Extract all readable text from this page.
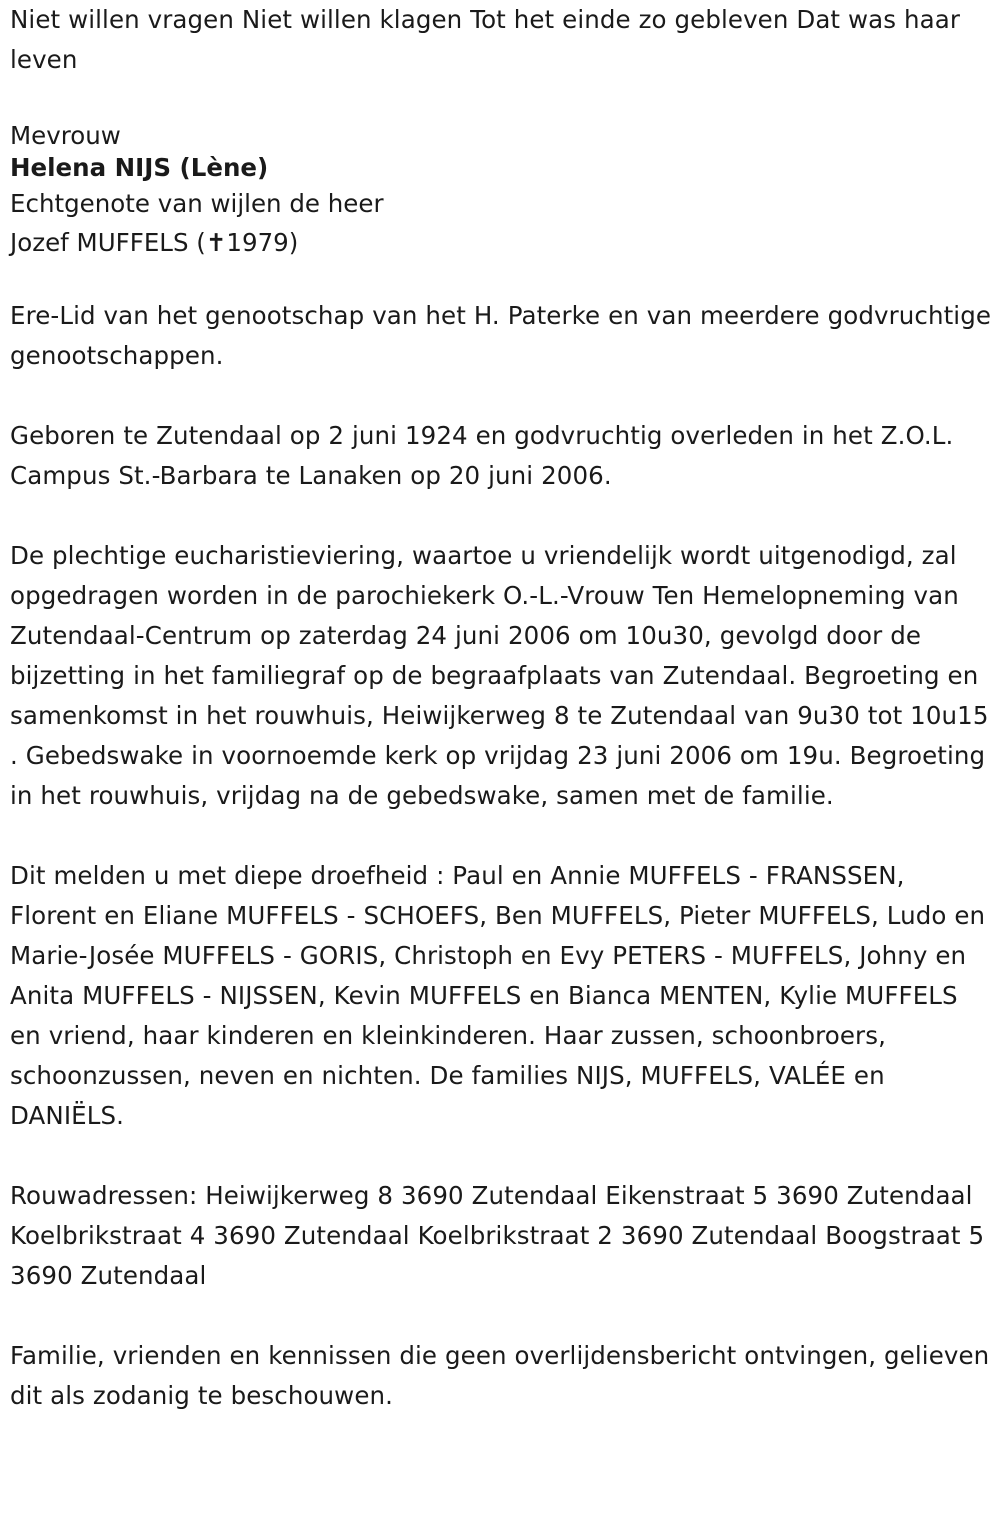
Niet willen vragen Niet willen klagen Tot het einde zo gebleven Dat was haar leven

Mevrouw

Helena NIJS (Lène)

Echtgenote van wijlen de heer

Jozef MUFFELS (✝1979)

Ere-Lid van het genootschap van het H. Paterke en van meerdere godvruchtige genootschappen.

Geboren te Zutendaal op 2 juni 1924 en godvruchtig overleden in het Z.O.L. Campus St.-Barbara te Lanaken op 20 juni 2006.

De plechtige eucharistieviering, waartoe u vriendelijk wordt uitgenodigd, zal opgedragen worden in de parochiekerk O.-L.-Vrouw Ten Hemelopneming van Zutendaal-Centrum op zaterdag 24 juni 2006 om 10u30, gevolgd door de bijzetting in het familiegraf op de begraafplaats van Zutendaal. Begroeting en samenkomst in het rouwhuis, Heiwijkerweg 8 te Zutendaal van 9u30 tot 10u15 . Gebedswake in voornoemde kerk op vrijdag 23 juni 2006 om 19u. Begroeting in het rouwhuis, vrijdag na de gebedswake, samen met de familie.

Dit melden u met diepe droefheid : Paul en Annie MUFFELS - FRANSSEN, Florent en Eliane MUFFELS - SCHOEFS, Ben MUFFELS, Pieter MUFFELS, Ludo en Marie-Josée MUFFELS - GORIS, Christoph en Evy PETERS - MUFFELS, Johny en Anita MUFFELS - NIJSSEN, Kevin MUFFELS en Bianca MENTEN, Kylie MUFFELS en vriend, haar kinderen en kleinkinderen. Haar zussen, schoonbroers, schoonzussen, neven en nichten. De families NIJS, MUFFELS, VALÉE en DANIËLS.

Rouwadressen: Heiwijkerweg 8 3690 Zutendaal Eikenstraat 5 3690 Zutendaal Koelbrikstraat 4 3690 Zutendaal Koelbrikstraat 2 3690 Zutendaal Boogstraat 5 3690 Zutendaal

Familie, vrienden en kennissen die geen overlijdensbericht ontvingen, gelieven dit als zodanig te beschouwen.
